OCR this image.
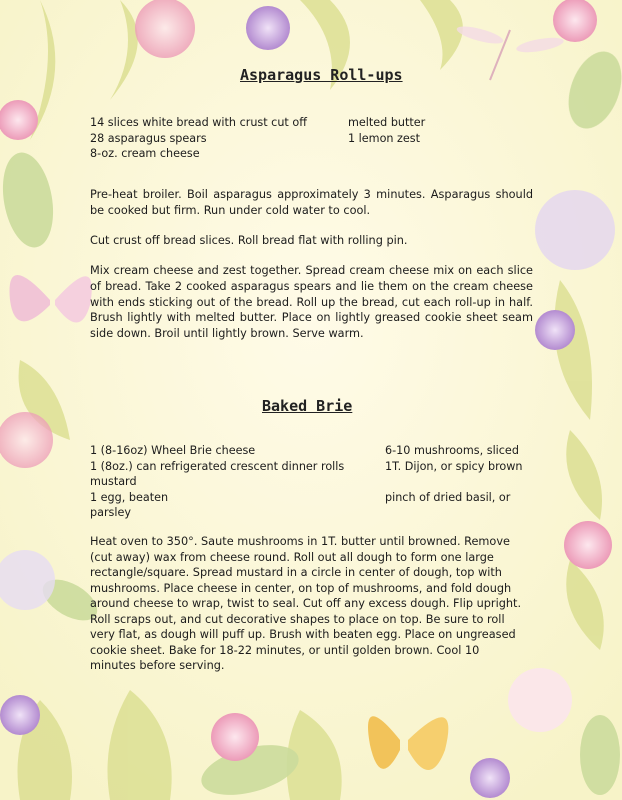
Asparagus Roll-ups
14 slices white bread with crust cut off
28 asparagus spears
8-oz. cream cheese
melted butter
1 lemon zest

Pre-heat broiler. Boil asparagus approximately 3 minutes. Asparagus should be cooked but firm. Run under cold water to cool.

Cut crust off bread slices. Roll bread flat with rolling pin.

Mix cream cheese and zest together. Spread cream cheese mix on each slice of bread. Take 2 cooked asparagus spears and lie them on the cream cheese with ends sticking out of the bread. Roll up the bread, cut each roll-up in half. Brush lightly with melted butter. Place on lightly greased cookie sheet seam side down. Broil until lightly brown. Serve warm.

Baked Brie
1 (8-16oz) Wheel Brie cheese
1 (8oz.) can refrigerated crescent dinner rolls
mustard
1 egg, beaten
parsley
6-10 mushrooms, sliced
1T. Dijon, or spicy brown
pinch of dried basil, or

Heat oven to 350°. Saute mushrooms in 1T. butter until browned. Remove (cut away) wax from cheese round. Roll out all dough to form one large rectangle/square. Spread mustard in a circle in center of dough, top with mushrooms. Place cheese in center, on top of mushrooms, and fold dough around cheese to wrap, twist to seal. Cut off any excess dough. Flip upright. Roll scraps out, and cut decorative shapes to place on top. Be sure to roll very flat, as dough will puff up. Brush with beaten egg. Place on ungreased cookie sheet. Bake for 18-22 minutes, or until golden brown. Cool 10 minutes before serving.
